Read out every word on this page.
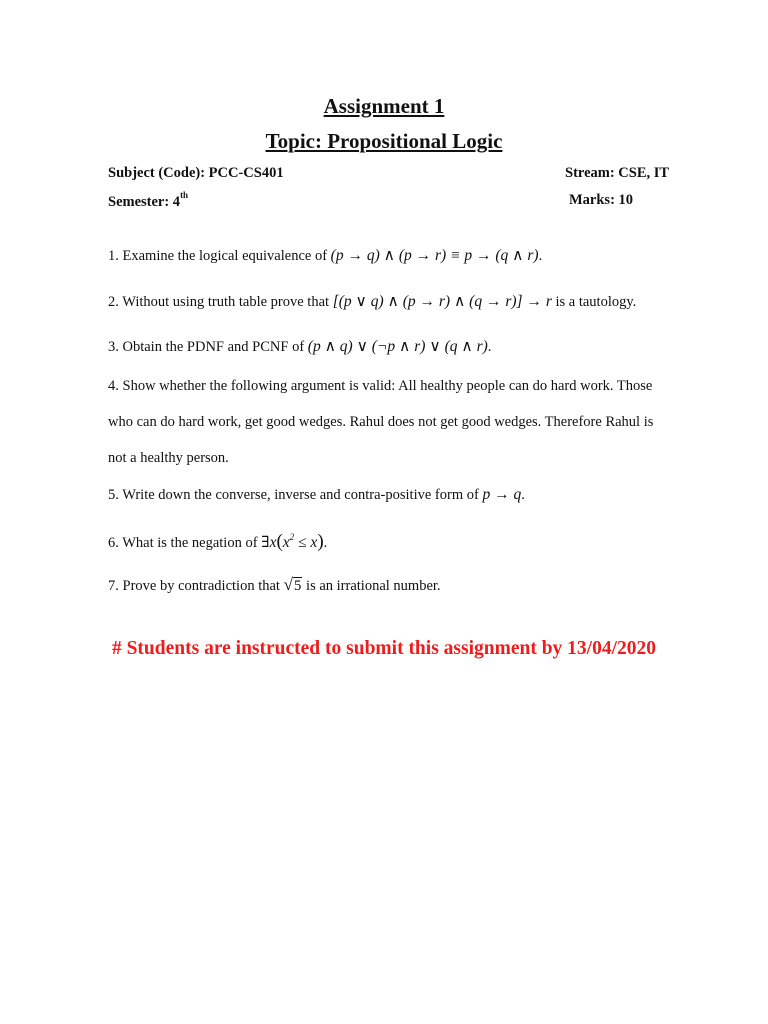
Assignment 1
Topic: Propositional Logic
Subject (Code): PCC-CS401	Stream: CSE, IT
Semester: 4th	Marks: 10
1. Examine the logical equivalence of (p → q) ∧ (p → r) ≡ p → (q ∧ r).
2. Without using truth table prove that [(p ∨ q) ∧ (p → r) ∧ (q → r)] → r is a tautology.
3. Obtain the PDNF and PCNF of (p ∧ q) ∨ (¬p ∧ r) ∨ (q ∧ r).
4. Show whether the following argument is valid: All healthy people can do hard work. Those
who can do hard work, get good wedges. Rahul does not get good wedges. Therefore Rahul is
not a healthy person.
5. Write down the converse, inverse and contra-positive form of p → q.
6. What is the negation of $\exists x(x^2 \le x)$.
7. Prove by contradiction that √5 is an irrational number.
# Students are instructed to submit this assignment by 13/04/2020
